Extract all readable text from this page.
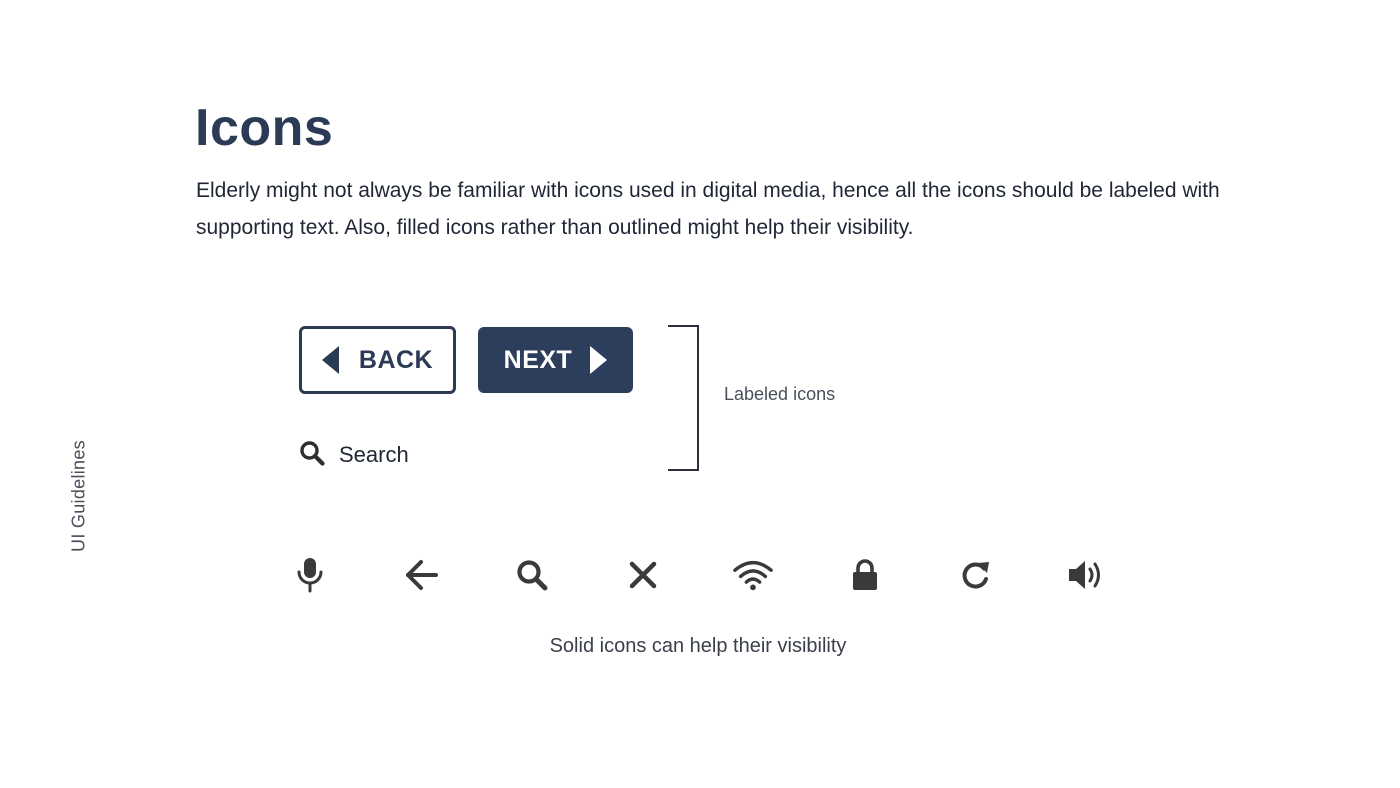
UI Guidelines
Icons

Elderly might not always be familiar with icons used in digital media, hence all the icons should be labeled with supporting text. Also, filled icons rather than outlined might help their visibility.

BACK	NEXT
Search
Labeled icons
Solid icons can help their visibility
